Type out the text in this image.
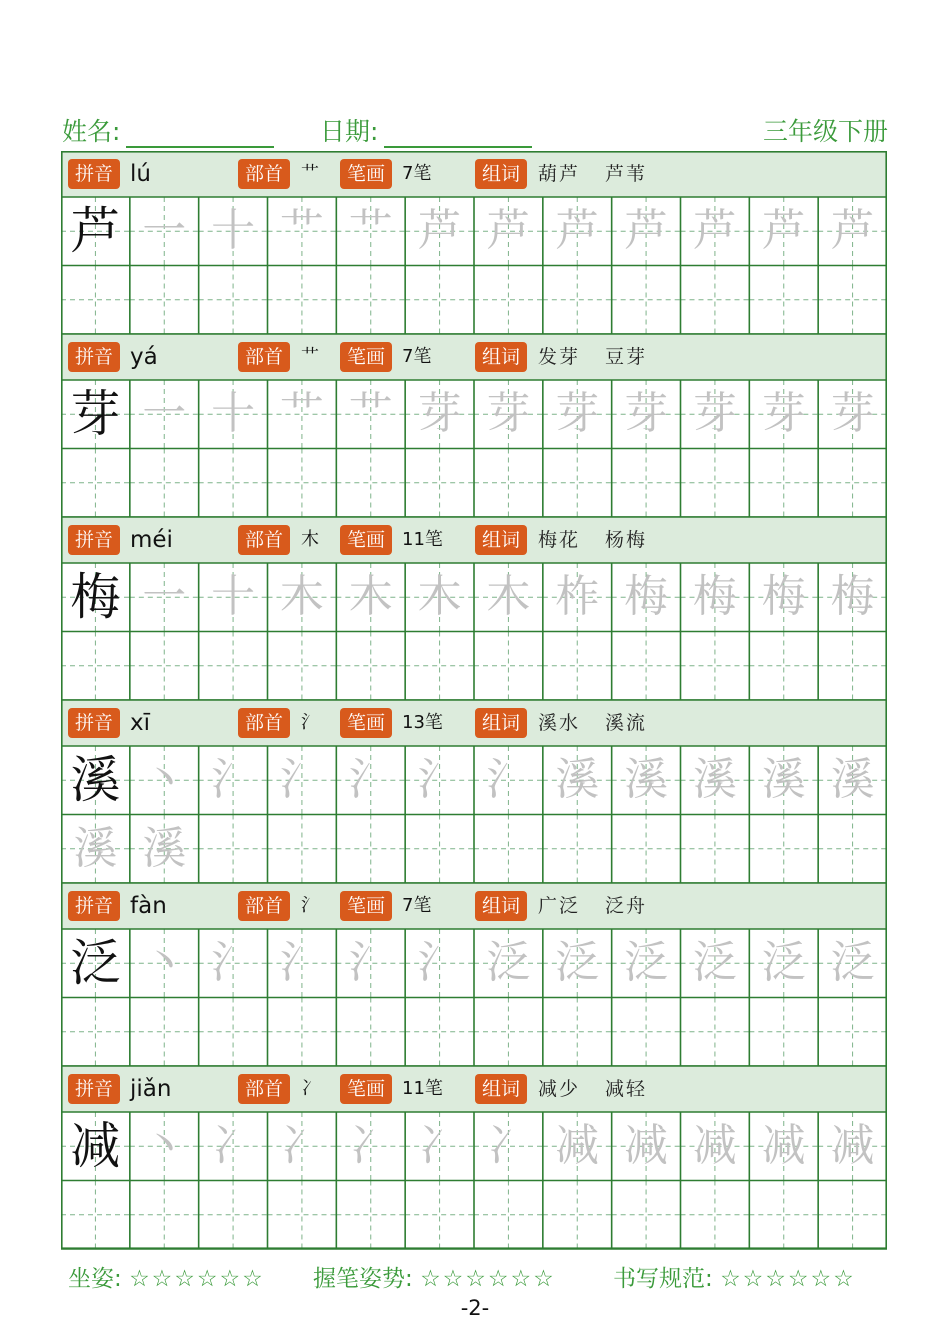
姓名:	日期:	三年级下册
拼音 lú	部首	艹	笔画 7笔	组词 葫芦 芦苇
芦 一 十 艹 艹 芦 芦 芦 芦 芦 芦 芦
拼音 yá	部首	艹	笔画 7笔	组词 发芽 豆芽
芽 一 十 艹 艹 芽 芽 芽 芽 芽 芽 芽
拼音 méi	部首	木	笔画 11笔	组词 梅花 杨梅
梅 一 十 木 木 木 木 柞 梅 梅 梅 梅
拼音 xī	部首	氵	笔画 13笔	组词 溪水 溪流
溪 丶 氵 氵 氵 氵 氵 溪 溪 溪 溪 溪
溪 溪
拼音 fàn	部首	氵	笔画 7笔	组词 广泛 泛舟
泛 丶 氵 氵 氵 氵 泛 泛 泛 泛 泛 泛
拼音 jiǎn	部首	冫	笔画 11笔	组词 减少 减轻
减 丶 冫 冫 冫 冫 冫 减 减 减 减 减
坐姿: ☆☆☆☆☆☆ 握笔姿势: ☆☆☆☆☆☆ 书写规范: ☆☆☆☆☆☆
-2-
